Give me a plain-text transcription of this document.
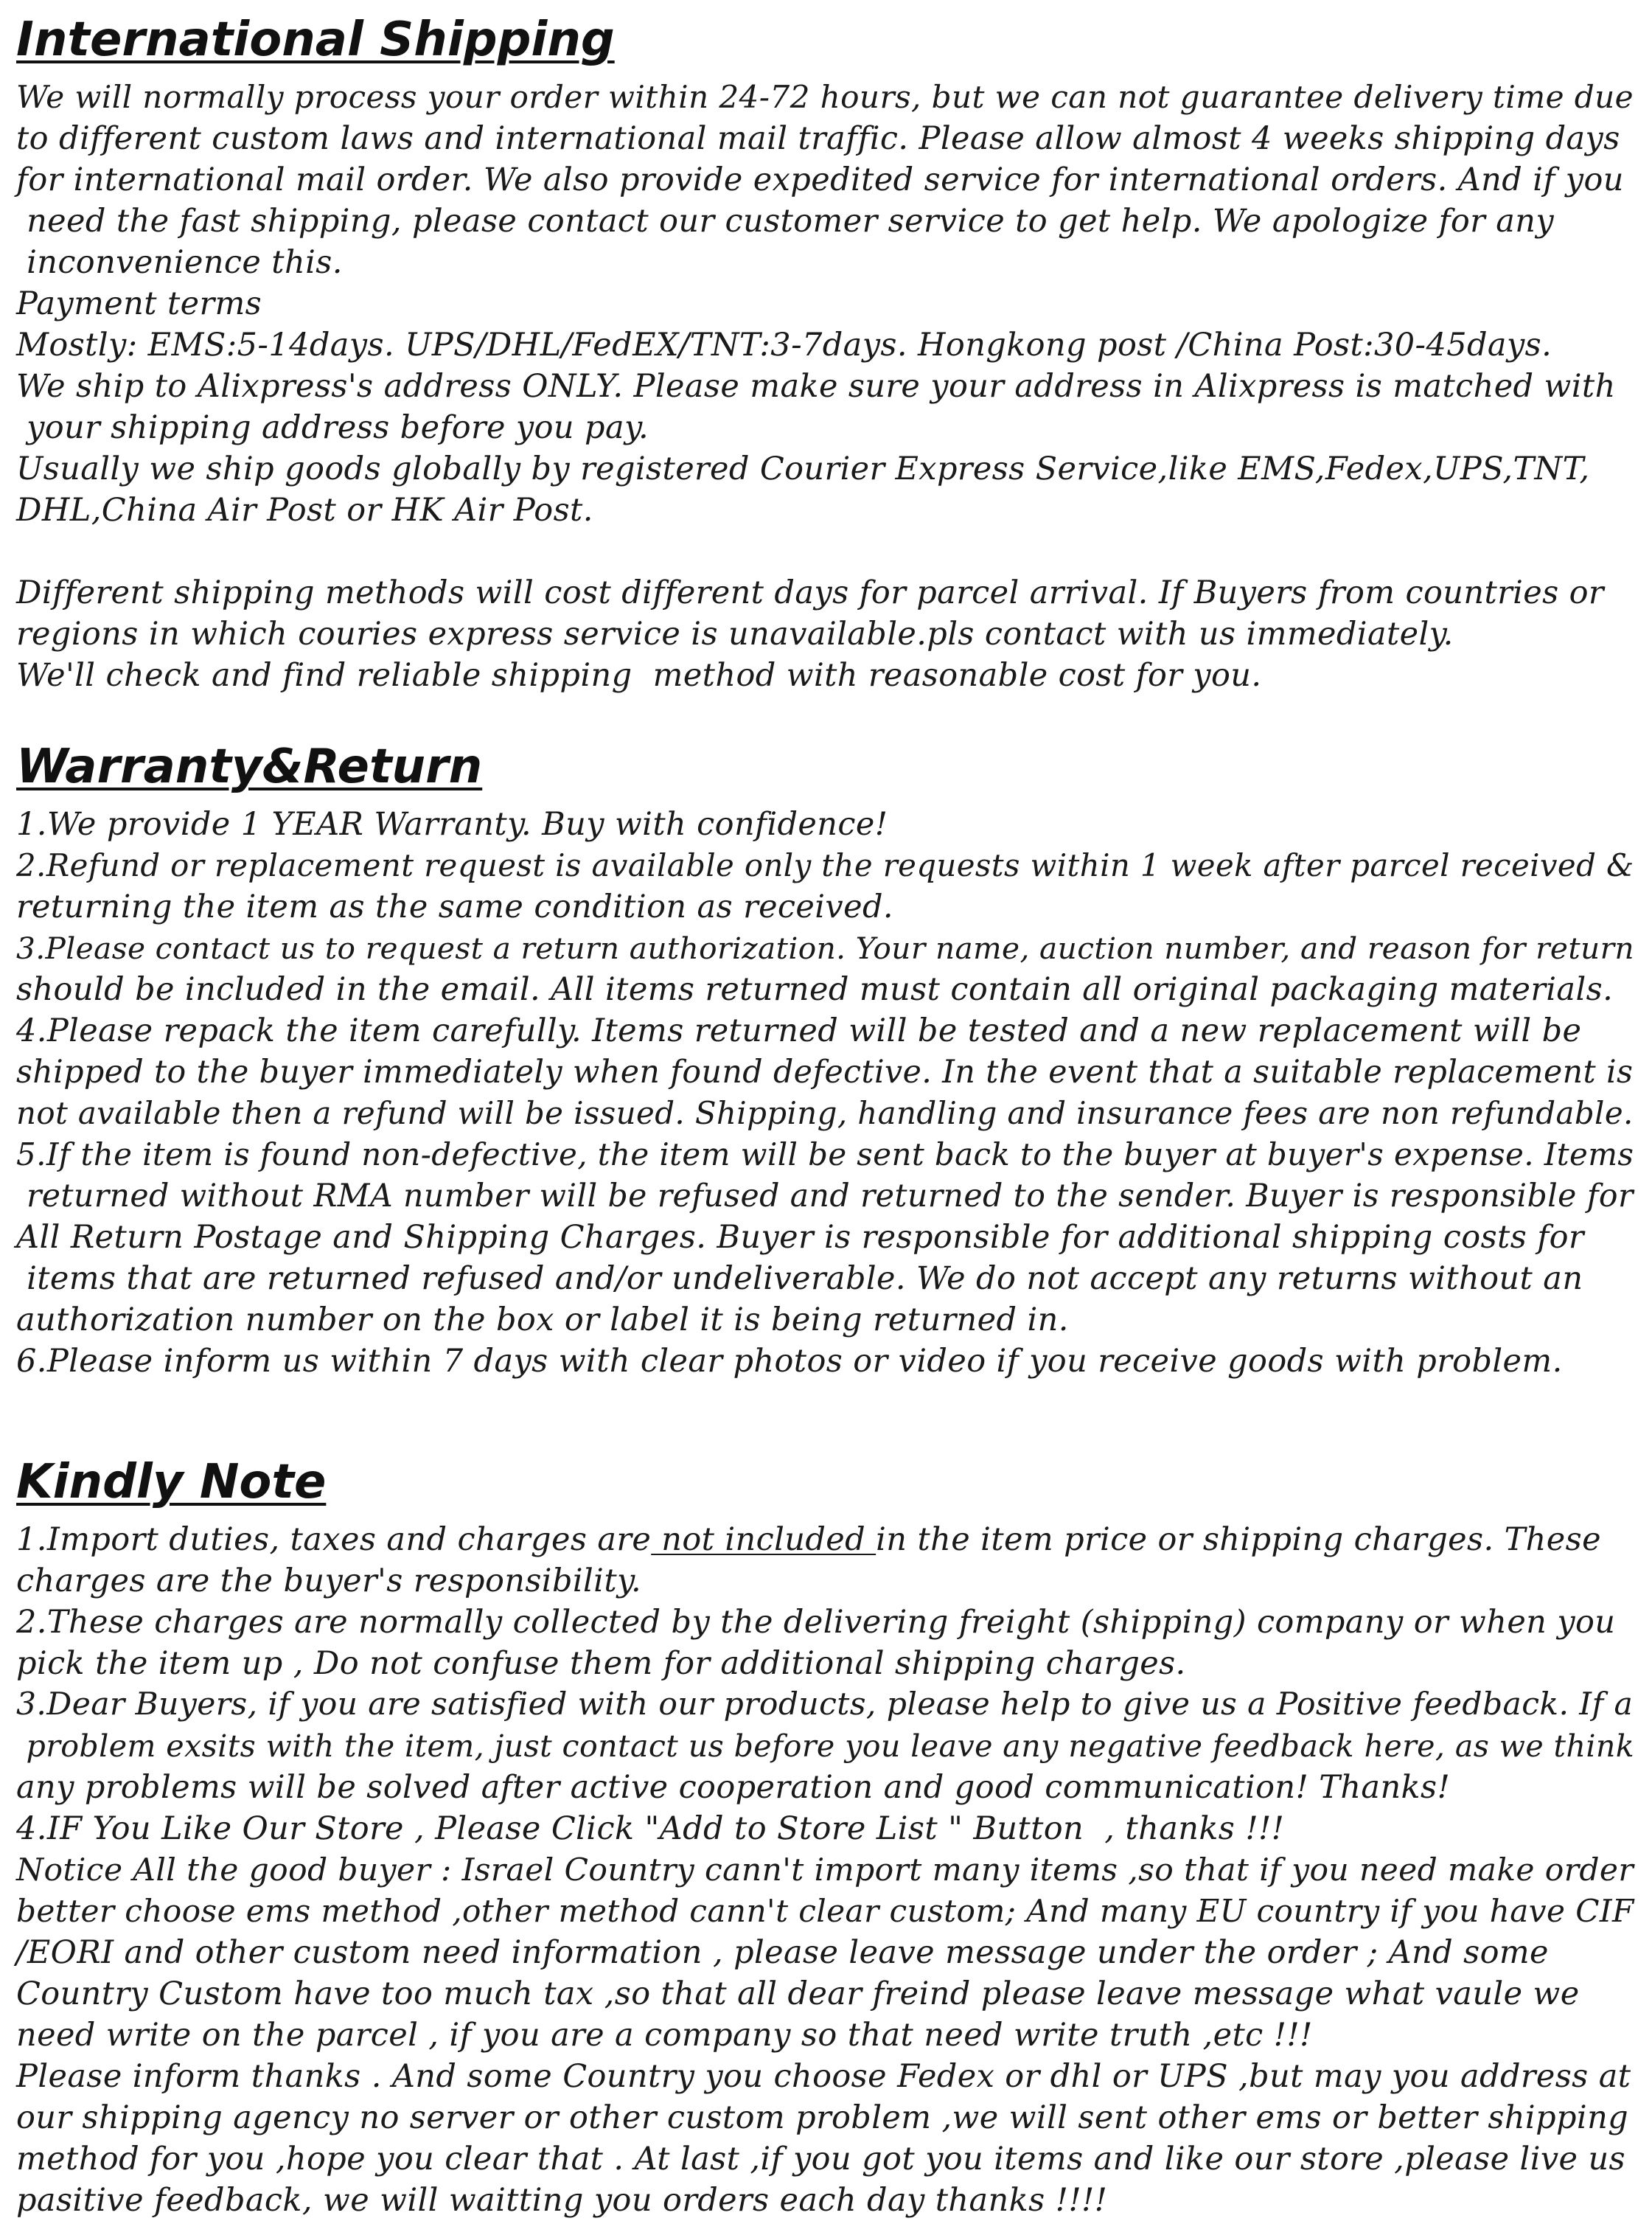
International Shipping

We will normally process your order within 24-72 hours, but we can not guarantee delivery time due

to different custom laws and international mail traffic. Please allow almost 4 weeks shipping days

for international mail order. We also provide expedited service for international orders. And if you

need the fast shipping, please contact our customer service to get help. We apologize for any

inconvenience this.

Payment terms

Mostly: EMS:5-14days. UPS/DHL/FedEX/TNT:3-7days. Hongkong post /China Post:30-45days.

We ship to Alixpress's address ONLY. Please make sure your address in Alixpress is matched with

your shipping address before you pay.

Usually we ship goods globally by registered Courier Express Service,like EMS,Fedex,UPS,TNT,

DHL,China Air Post or HK Air Post.

Different shipping methods will cost different days for parcel arrival. If Buyers from countries or

regions in which couries express service is unavailable.pls contact with us immediately.

We'll check and find reliable shipping  method with reasonable cost for you.

Warranty&Return

1.We provide 1 YEAR Warranty. Buy with confidence!

2.Refund or replacement request is available only the requests within 1 week after parcel received &

returning the item as the same condition as received.

3.Please contact us to request a return authorization. Your name, auction number, and reason for return

should be included in the email. All items returned must contain all original packaging materials.

4.Please repack the item carefully. Items returned will be tested and a new replacement will be

shipped to the buyer immediately when found defective. In the event that a suitable replacement is

not available then a refund will be issued. Shipping, handling and insurance fees are non refundable.

5.If the item is found non-defective, the item will be sent back to the buyer at buyer's expense. Items

returned without RMA number will be refused and returned to the sender. Buyer is responsible for

All Return Postage and Shipping Charges. Buyer is responsible for additional shipping costs for

items that are returned refused and/or undeliverable. We do not accept any returns without an

authorization number on the box or label it is being returned in.

6.Please inform us within 7 days with clear photos or video if you receive goods with problem.

Kindly Note

1.Import duties, taxes and charges are not included in the item price or shipping charges. These

charges are the buyer's responsibility.

2.These charges are normally collected by the delivering freight (shipping) company or when you

pick the item up , Do not confuse them for additional shipping charges.

3.Dear Buyers, if you are satisfied with our products, please help to give us a Positive feedback. If a

problem exsits with the item, just contact us before you leave any negative feedback here, as we think

any problems will be solved after active cooperation and good communication! Thanks!

4.IF You Like Our Store , Please Click "Add to Store List " Button  , thanks !!!

Notice All the good buyer : Israel Country cann't import many items ,so that if you need make order

better choose ems method ,other method cann't clear custom; And many EU country if you have CIF

/EORI and other custom need information , please leave message under the order ; And some

Country Custom have too much tax ,so that all dear freind please leave message what vaule we

need write on the parcel , if you are a company so that need write truth ,etc !!!

Please inform thanks . And some Country you choose Fedex or dhl or UPS ,but may you address at

our shipping agency no server or other custom problem ,we will sent other ems or better shipping

method for you ,hope you clear that . At last ,if you got you items and like our store ,please live us

pasitive feedback, we will waitting you orders each day thanks !!!!
